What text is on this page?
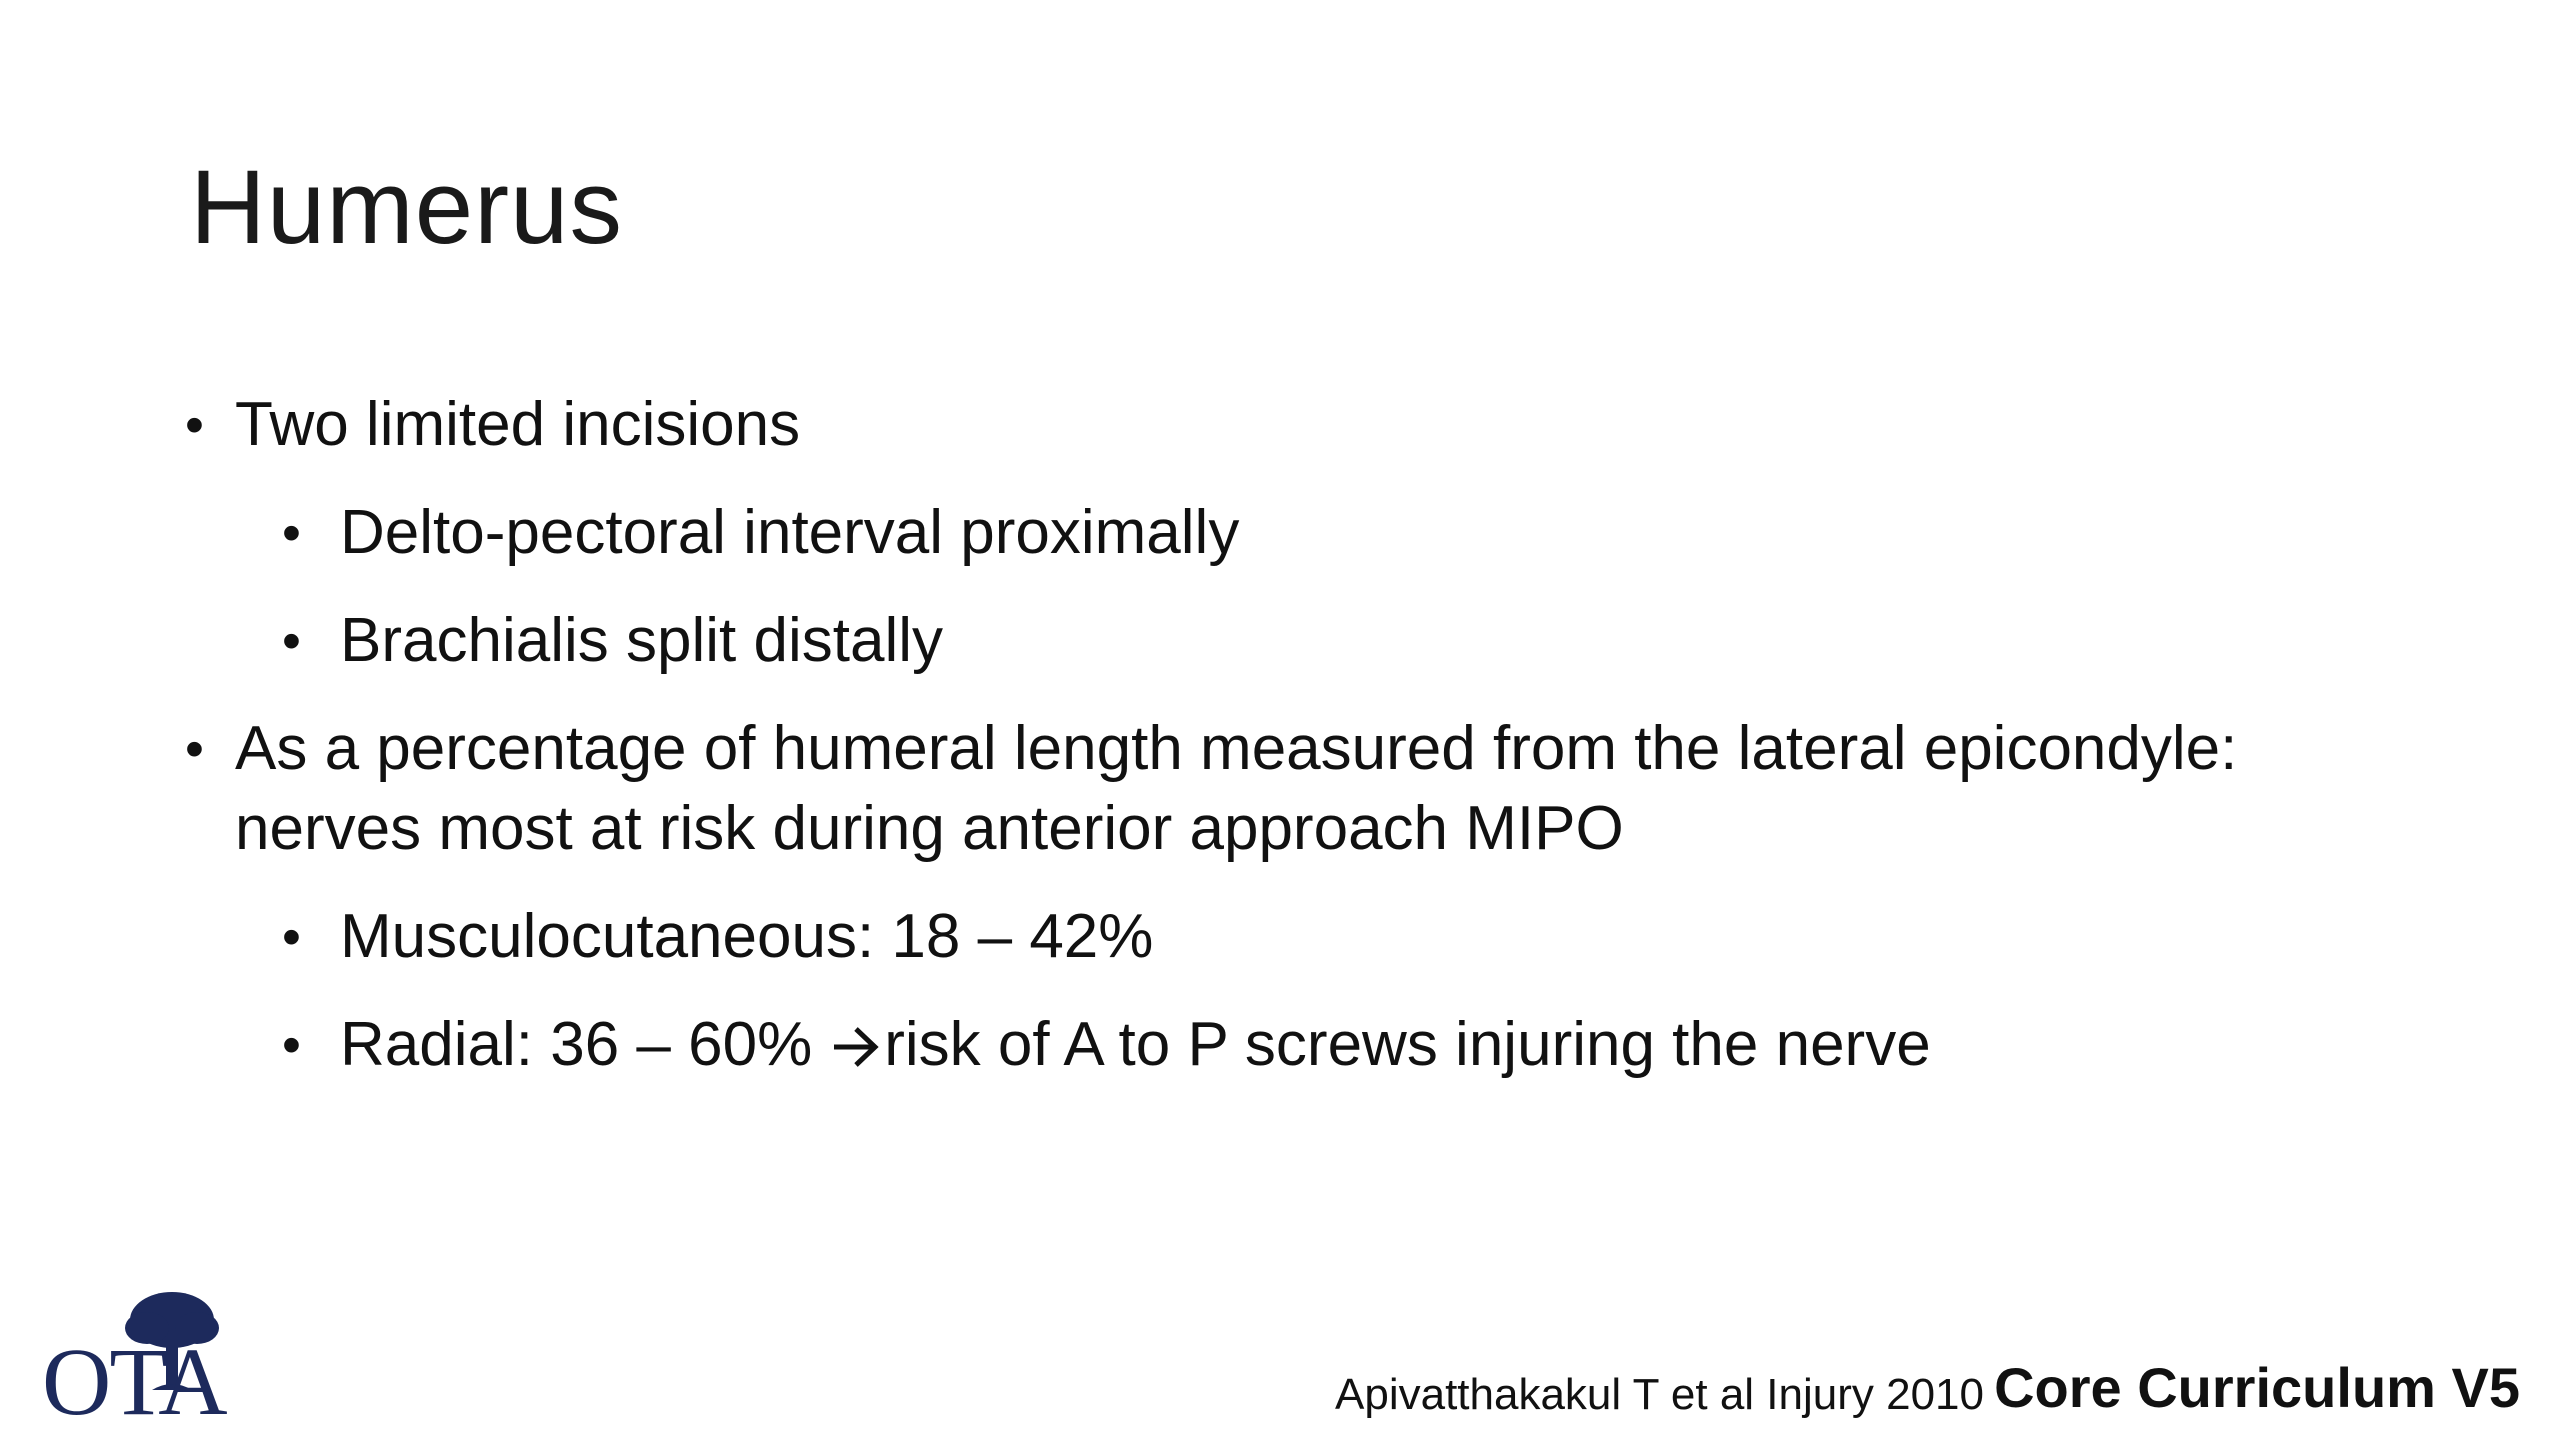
Humerus
• Two limited incisions
• Delto-pectoral interval proximally
• Brachialis split distally
• As a percentage of humeral length measured from the lateral epicondyle: nerves most at risk during anterior approach MIPO
• Musculocutaneous: 18 – 42%
• Radial: 36 – 60% risk of A to P screws injuring the nerve
OTA	Apivatthakakul T et al Injury 2010 Core Curriculum V5
